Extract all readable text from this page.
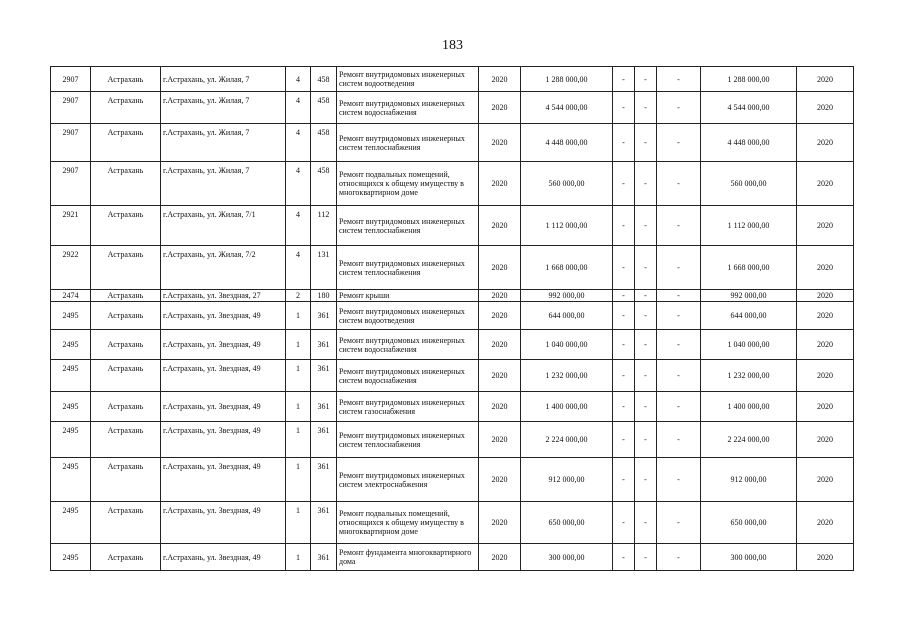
183
2907	Астрахань	г.Астрахань, ул. Жилая, 7	4	458	Ремонт внутридомовых инженерных систем водоотведения	2020	1 288 000,00	-	-	-	1 288 000,00	2020
2907	Астрахань	г.Астрахань, ул. Жилая, 7	4	458	Ремонт внутридомовых инженерных систем водоснабжения	2020	4 544 000,00	-	-	-	4 544 000,00	2020
2907	Астрахань	г.Астрахань, ул. Жилая, 7	4	458	Ремонт внутридомовых инженерных систем теплоснабжения	2020	4 448 000,00	-	-	-	4 448 000,00	2020
2907	Астрахань	г.Астрахань, ул. Жилая, 7	4	458	Ремонт подвальных помещений, относящихся к общему имуществу в многоквартирном доме	2020	560 000,00	-	-	-	560 000,00	2020
2921	Астрахань	г.Астрахань, ул. Жилая, 7/1	4	112	Ремонт внутридомовых инженерных систем теплоснабжения	2020	1 112 000,00	-	-	-	1 112 000,00	2020
2922	Астрахань	г.Астрахань, ул. Жилая, 7/2	4	131	Ремонт внутридомовых инженерных систем теплоснабжения	2020	1 668 000,00	-	-	-	1 668 000,00	2020
2474	Астрахань	г.Астрахань, ул. Звездная, 27	2	180	Ремонт крыши	2020	992 000,00	-	-	-	992 000,00	2020
2495	Астрахань	г.Астрахань, ул. Звездная, 49	1	361	Ремонт внутридомовых инженерных систем водоотведения	2020	644 000,00	-	-	-	644 000,00	2020
2495	Астрахань	г.Астрахань, ул. Звездная, 49	1	361	Ремонт внутридомовых инженерных систем водоснабжения	2020	1 040 000,00	-	-	-	1 040 000,00	2020
2495	Астрахань	г.Астрахань, ул. Звездная, 49	1	361	Ремонт внутридомовых инженерных систем водоснабжения	2020	1 232 000,00	-	-	-	1 232 000,00	2020
2495	Астрахань	г.Астрахань, ул. Звездная, 49	1	361	Ремонт внутридомовых инженерных систем газоснабжения	2020	1 400 000,00	-	-	-	1 400 000,00	2020
2495	Астрахань	г.Астрахань, ул. Звездная, 49	1	361	Ремонт внутридомовых инженерных систем теплоснабжения	2020	2 224 000,00	-	-	-	2 224 000,00	2020
2495	Астрахань	г.Астрахань, ул. Звездная, 49	1	361	Ремонт внутридомовых инженерных систем электроснабжения	2020	912 000,00	-	-	-	912 000,00	2020
2495	Астрахань	г.Астрахань, ул. Звездная, 49	1	361	Ремонт подвальных помещений, относящихся к общему имуществу в многоквартирном доме	2020	650 000,00	-	-	-	650 000,00	2020
2495	Астрахань	г.Астрахань, ул. Звездная, 49	1	361	Ремонт фундамента многоквартирного дома	2020	300 000,00	-	-	-	300 000,00	2020
